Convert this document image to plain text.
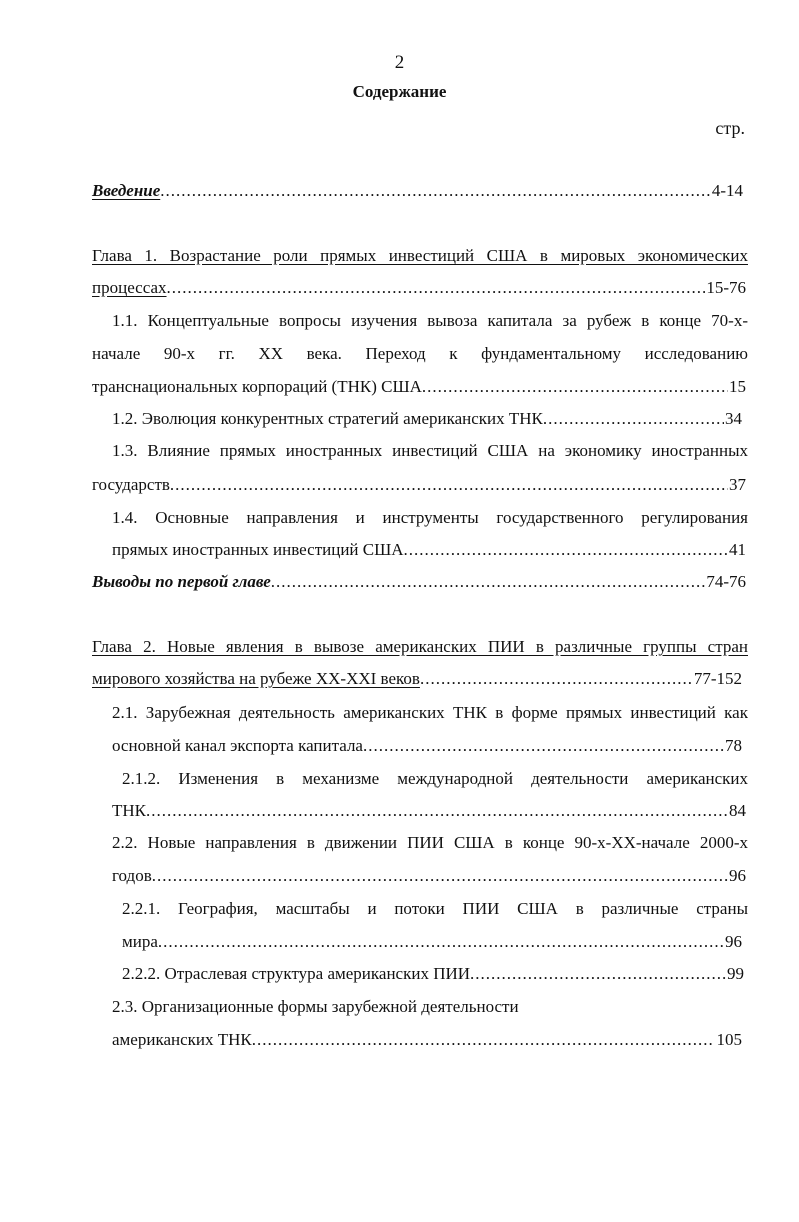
2
Содержание
стр.
Введение .....	4-14
Глава 1. Возрастание роли прямых инвестиций США в мировых экономических
процессах .....	15-76
1.1. Концептуальные вопросы изучения вывоза капитала за рубеж в конце 70-х-
начале 90-х гг. XX века. Переход к фундаментальному исследованию
транснациональных корпораций (ТНК) США .....	15
1.2. Эволюция конкурентных стратегий американских ТНК .....	34
1.3. Влияние прямых иностранных инвестиций США на экономику иностранных
государств .....	37
1.4. Основные направления и инструменты государственного регулирования
прямых иностранных инвестиций США .....	41
Выводы по первой главе .....	74-76
Глава 2. Новые явления в вывозе американских ПИИ в различные группы стран
мирового хозяйства на рубеже XX-XXI веков .....	77-152
2.1. Зарубежная деятельность американских ТНК в форме прямых инвестиций как
основной канал экспорта капитала .....	78
2.1.2. Изменения в механизме международной деятельности американских
ТНК .....	84
2.2. Новые направления в движении ПИИ США в конце 90-х-XX-начале 2000-х
годов .....	96
2.2.1. География, масштабы и потоки ПИИ США в различные страны
мира .....	96
2.2.2. Отраслевая структура американских ПИИ .....	99
2.3. Организационные формы зарубежной деятельности
американских ТНК .....	105
